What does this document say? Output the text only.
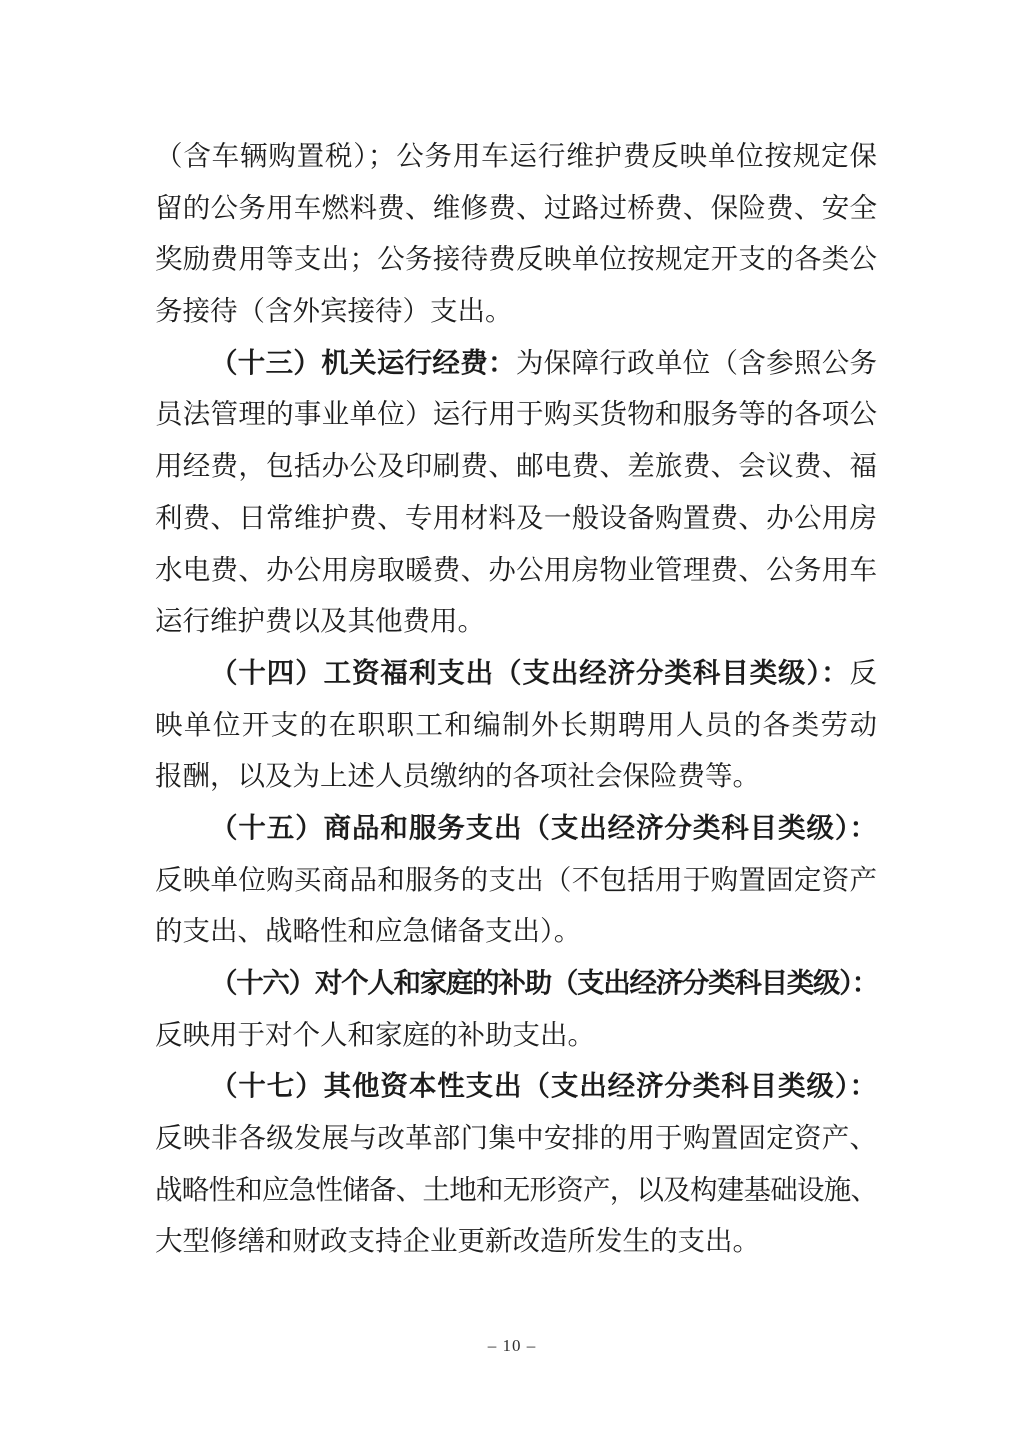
（含车辆购置税）；公务用车运行维护费反映单位按规定保
留的公务用车燃料费、维修费、过路过桥费、保险费、安全
奖励费用等支出；公务接待费反映单位按规定开支的各类公
务接待（含外宾接待）支出。
（十三）机关运行经费：为保障行政单位（含参照公务
员法管理的事业单位）运行用于购买货物和服务等的各项公
用经费，包括办公及印刷费、邮电费、差旅费、会议费、福
利费、日常维护费、专用材料及一般设备购置费、办公用房
水电费、办公用房取暖费、办公用房物业管理费、公务用车
运行维护费以及其他费用。
（十四）工资福利支出（支出经济分类科目类级）：反
映单位开支的在职职工和编制外长期聘用人员的各类劳动
报酬，以及为上述人员缴纳的各项社会保险费等。
（十五）商品和服务支出（支出经济分类科目类级）：
反映单位购买商品和服务的支出（不包括用于购置固定资产
的支出、战略性和应急储备支出）。
（十六）对个人和家庭的补助（支出经济分类科目类级）：
反映用于对个人和家庭的补助支出。
（十七）其他资本性支出（支出经济分类科目类级）：
反映非各级发展与改革部门集中安排的用于购置固定资产、
战略性和应急性储备、土地和无形资产，以及构建基础设施、
大型修缮和财政支持企业更新改造所发生的支出。
– 10 –
